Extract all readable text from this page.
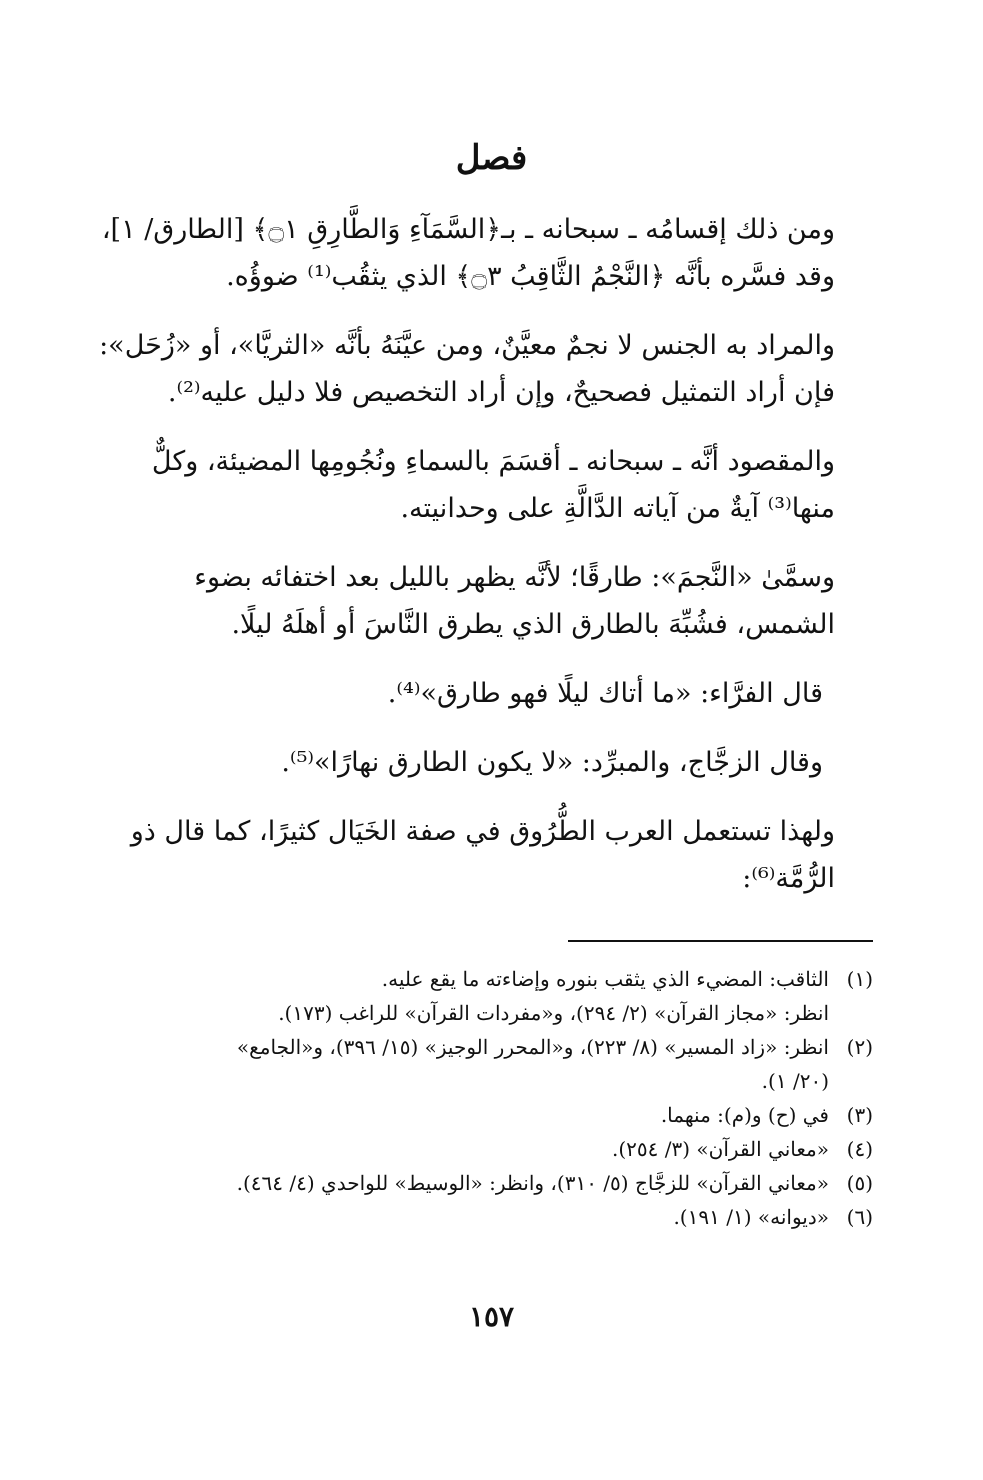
فصل
ومن ذلك إقسامُه ـ سبحانه ـ بـ﴿السَّمَآءِ وَالطَّارِقِ ۝١﴾ [الطارق/ ١]،
وقد فسَّره بأنَّه ﴿النَّجْمُ الثَّاقِبُ ۝٣﴾ الذي يثقُب⁽¹⁾ ضوؤُه.
والمراد به الجنس لا نجمٌ معيَّنٌ، ومن عيَّنَهُ بأنَّه «الثريَّا»، أو «زُحَل»:
فإن أراد التمثيل فصحيحٌ، وإن أراد التخصيص فلا دليل عليه⁽²⁾.
والمقصود أنَّه ـ سبحانه ـ أقسَمَ بالسماءِ ونُجُومِها المضيئة، وكلٌّ
منها⁽³⁾ آيةٌ من آياته الدَّالَّةِ على وحدانيته.
وسمَّىٰ «النَّجمَ»: طارقًا؛ لأنَّه يظهر بالليل بعد اختفائه بضوء
الشمس، فشُبِّهَ بالطارق الذي يطرق النَّاسَ أو أهلَهُ ليلًا.
قال الفرَّاء: «ما أتاك ليلًا فهو طارق»⁽⁴⁾.
وقال الزجَّاج، والمبرِّد: «لا يكون الطارق نهارًا»⁽⁵⁾.
ولهذا تستعمل العرب الطُّرُوق في صفة الخَيَال كثيرًا، كما قال ذو
الرُّمَّة⁽⁶⁾:
(١)
الثاقب: المضيء الذي يثقب بنوره وإضاءته ما يقع عليه.
انظر: «مجاز القرآن» (٢/ ٢٩٤)، و«مفردات القرآن» للراغب (١٧٣).
(٢)
انظر: «زاد المسير» (٨/ ٢٢٣)، و«المحرر الوجيز» (١٥/ ٣٩٦)، و«الجامع»
(٢٠/ ١).
(٣)
في (ح) و(م): منهما.
(٤)
«معاني القرآن» (٣/ ٢٥٤).
(٥)
«معاني القرآن» للزجَّاج (٥/ ٣١٠)، وانظر: «الوسيط» للواحدي (٤/ ٤٦٤).
(٦)
«ديوانه» (١/ ١٩١).
١٥٧
